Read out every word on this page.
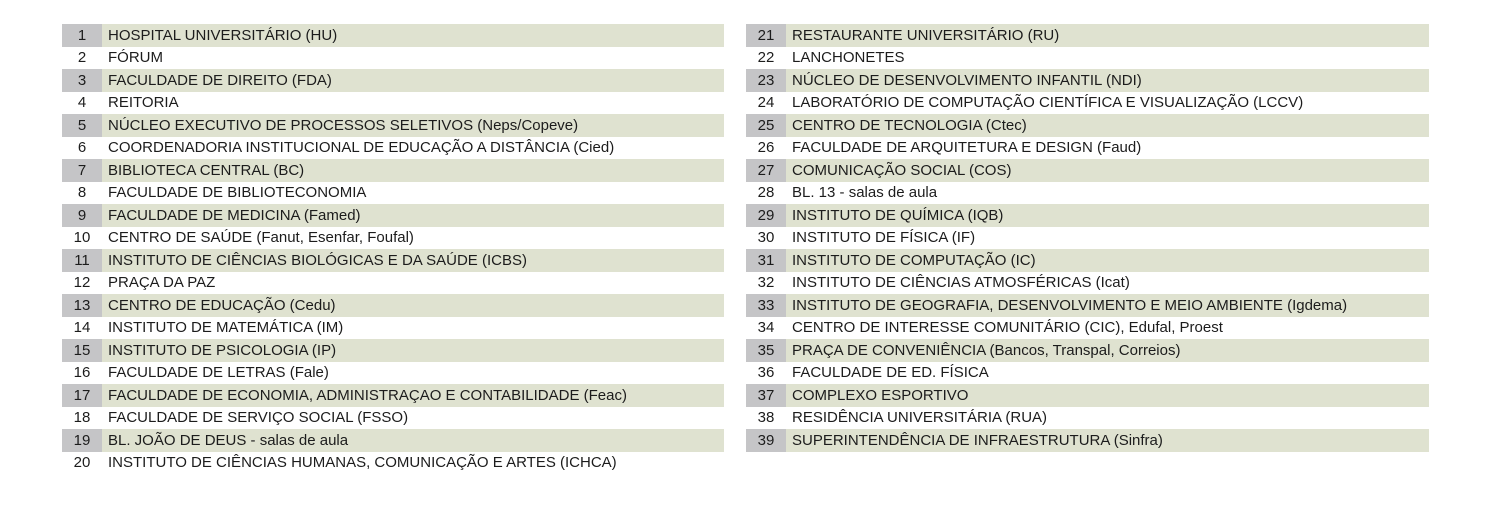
1	HOSPITAL UNIVERSITÁRIO (HU)
2	FÓRUM
3	FACULDADE DE DIREITO (FDA)
4	REITORIA
5	NÚCLEO EXECUTIVO DE PROCESSOS SELETIVOS (Neps/Copeve)
6	COORDENADORIA INSTITUCIONAL DE EDUCAÇÃO A DISTÂNCIA (Cied)
7	BIBLIOTECA CENTRAL (BC)
8	FACULDADE DE BIBLIOTECONOMIA
9	FACULDADE DE MEDICINA (Famed)
10	CENTRO DE SAÚDE (Fanut, Esenfar, Foufal)
11	INSTITUTO DE CIÊNCIAS BIOLÓGICAS E DA SAÚDE (ICBS)
12	PRAÇA DA PAZ
13	CENTRO DE EDUCAÇÃO (Cedu)
14	INSTITUTO DE MATEMÁTICA (IM)
15	INSTITUTO DE PSICOLOGIA (IP)
16	FACULDADE DE LETRAS (Fale)
17	FACULDADE DE ECONOMIA, ADMINISTRAÇAO E CONTABILIDADE (Feac)
18	FACULDADE DE SERVIÇO SOCIAL (FSSO)
19	BL. JOÃO DE DEUS - salas de aula
20	INSTITUTO DE CIÊNCIAS HUMANAS, COMUNICAÇÃO E ARTES (ICHCA)
21	RESTAURANTE UNIVERSITÁRIO (RU)
22	LANCHONETES
23	NÚCLEO DE DESENVOLVIMENTO INFANTIL (NDI)
24	LABORATÓRIO DE COMPUTAÇÃO CIENTÍFICA E VISUALIZAÇÃO (LCCV)
25	CENTRO DE TECNOLOGIA (Ctec)
26	FACULDADE DE ARQUITETURA E DESIGN (Faud)
27	COMUNICAÇÃO SOCIAL (COS)
28	BL. 13 - salas de aula
29	INSTITUTO DE QUÍMICA (IQB)
30	INSTITUTO DE FÍSICA (IF)
31	INSTITUTO DE COMPUTAÇÃO (IC)
32	INSTITUTO DE CIÊNCIAS ATMOSFÉRICAS (Icat)
33	INSTITUTO DE GEOGRAFIA, DESENVOLVIMENTO E MEIO AMBIENTE (Igdema)
34	CENTRO DE INTERESSE COMUNITÁRIO (CIC), Edufal, Proest
35	PRAÇA DE CONVENIÊNCIA (Bancos, Transpal, Correios)
36	FACULDADE DE ED. FÍSICA
37	COMPLEXO ESPORTIVO
38	RESIDÊNCIA UNIVERSITÁRIA (RUA)
39	SUPERINTENDÊNCIA DE INFRAESTRUTURA (Sinfra)
